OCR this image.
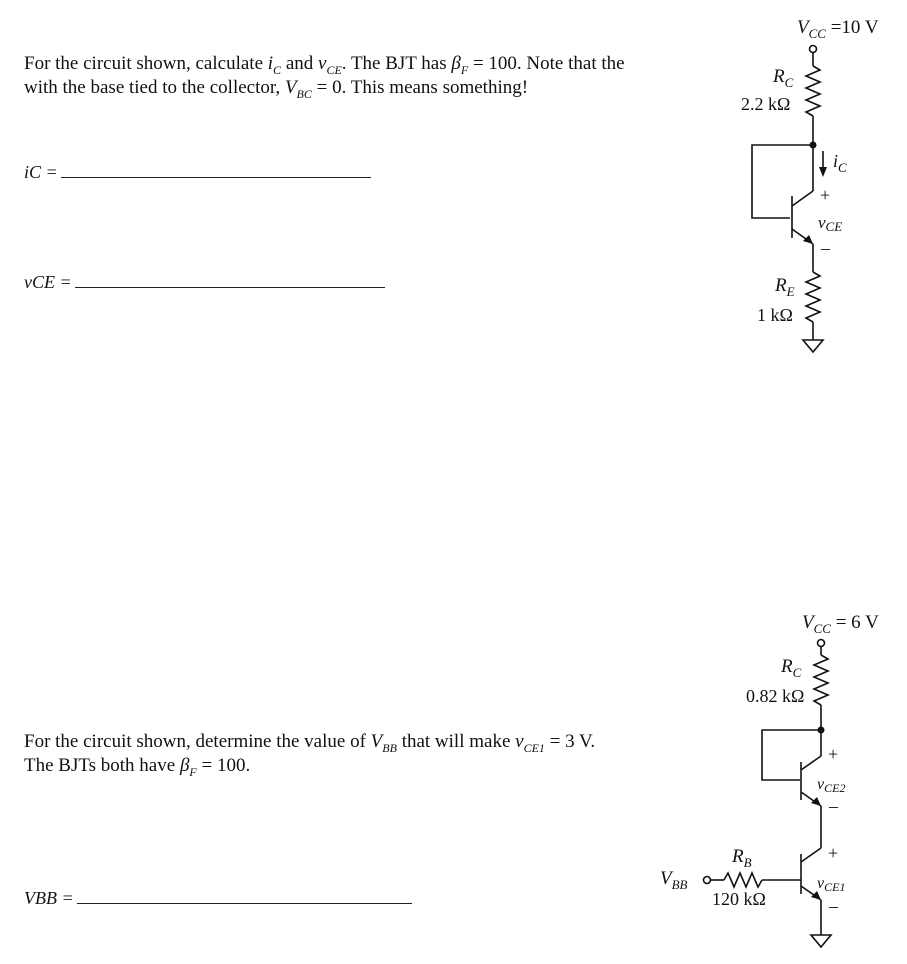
For the circuit shown, calculate $i_C$ and $v_{CE}$. The BJT has $\beta_F = 100$. Note that the
with the base tied to the collector, $V_{BC} = 0$. This means something!
iC =
vCE =
For the circuit shown, determine the value of $V_{BB}$ that will make $v_{CE1} = 3$ V.
The BJTs both have $\beta_F = 100$.
VBB =
$V_{CC} =10$ V
$R_C$
2.2 kΩ
$i_C$
+
vCE
–
$R_E$
1 kΩ
$V_{CC} = 6$ V
$R_C$
0.82 kΩ
+
vCE2
–
+
vCE1
–
$V_{BB}$
$R_B$
120 kΩ
